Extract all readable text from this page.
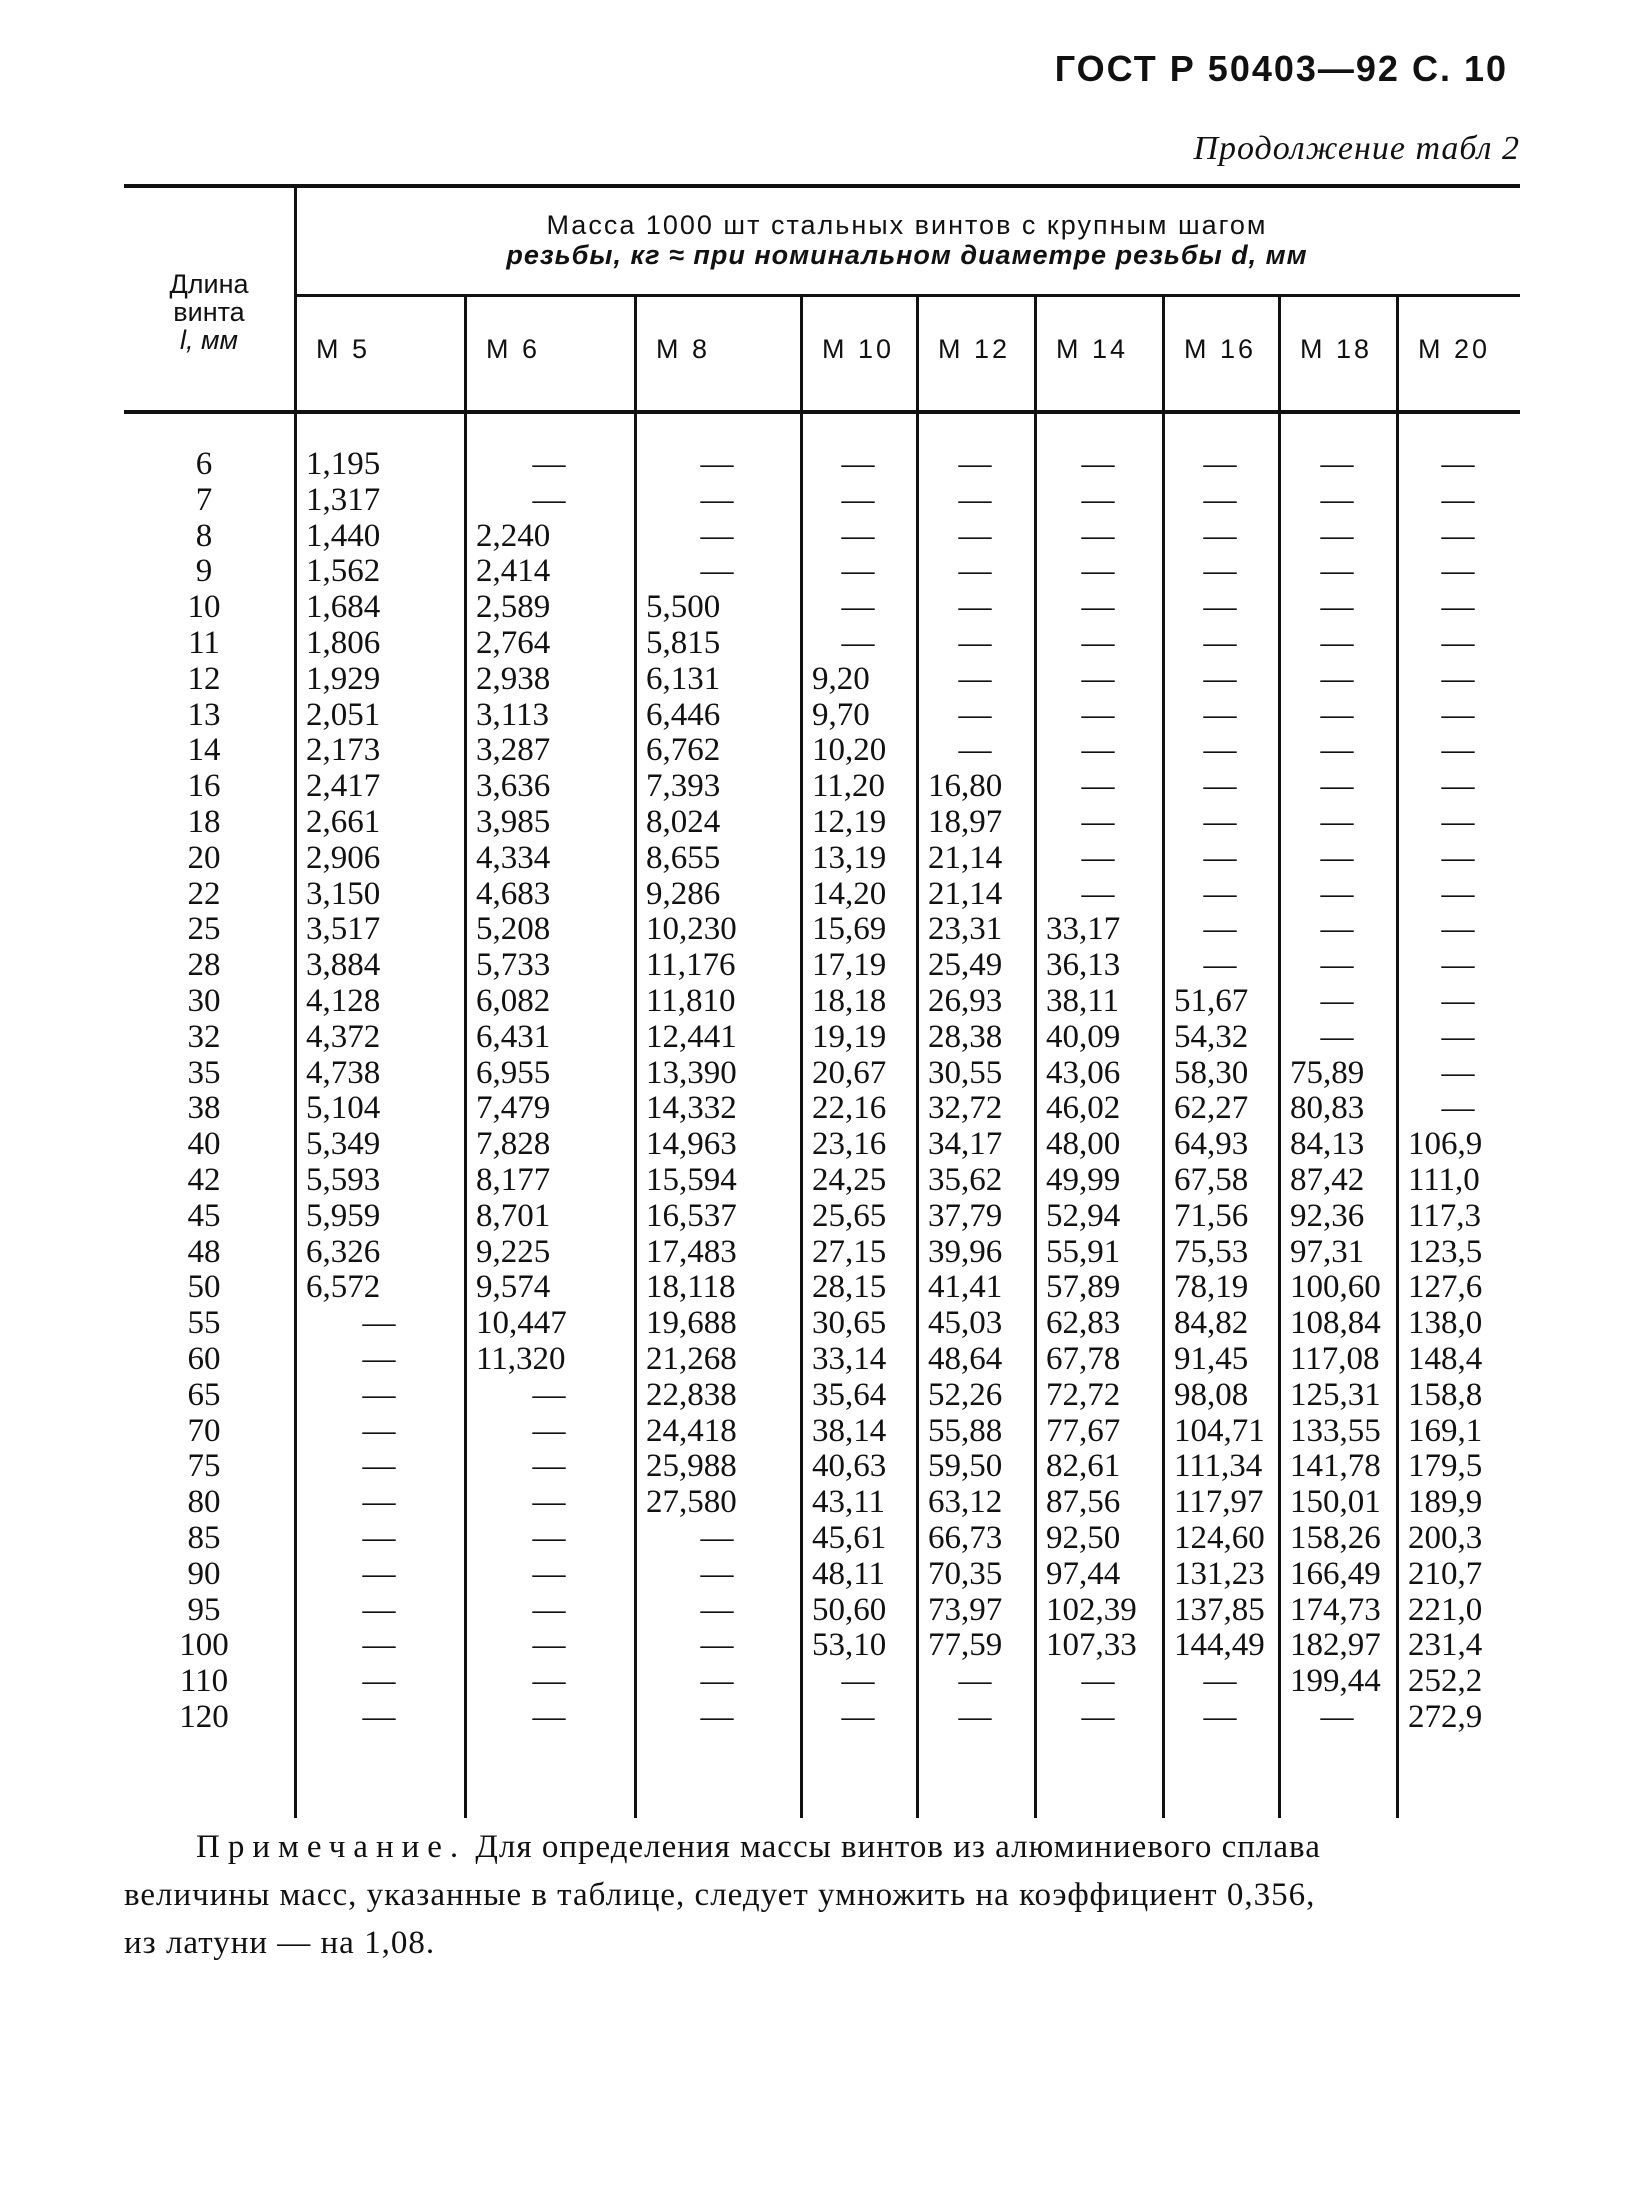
ГОСТ Р 50403—92 С. 10
Продолжение табл 2
Длина
винта
l, мм
Масса 1000 шт стальных винтов с крупным шагом
резьбы, кг ≈ при номинальном диаметре резьбы d, мм
М 5	М 6	М 8	М 10 М 12 М 14 М 16 М 18 М 20
6	1,195	—	—	—	—	—	—	—	—
7	1,317	—	—	—	—	—	—	—	—
8	1,440	2,240	—	—	—	—	—	—	—
9	1,562	2,414	—	—	—	—	—	—	—
10	1,684	2,589	5,500	—	—	—	—	—	—
11	1,806	2,764	5,815	—	—	—	—	—	—
12	1,929	2,938	6,131	9,20	—	—	—	—	—
13	2,051	3,113	6,446	9,70	—	—	—	—	—
14	2,173	3,287	6,762	10,20	—	—	—	—	—
16	2,417	3,636	7,393	11,20 16,80	—	—	—	—
18	2,661	3,985	8,024	12,19 18,97	—	—	—	—
20	2,906	4,334	8,655	13,19 21,14	—	—	—	—
22	3,150	4,683	9,286	14,20 21,14	—	—	—	—
25	3,517	5,208	10,230 15,69 23,31 33,17	—	—	—
28	3,884	5,733	11,176 17,19 25,49 36,13	—	—	—
30	4,128	6,082	11,810 18,18 26,93 38,11 51,67	—	—
32	4,372	6,431	12,441 19,19 28,38 40,09 54,32	—	—
35	4,738	6,955	13,390 20,67 30,55 43,06 58,30 75,89	—
38	5,104	7,479	14,332 22,16 32,72 46,02 62,27 80,83	—
40	5,349	7,828	14,963 23,16 34,17 48,00 64,93 84,13 106,9
42	5,593	8,177	15,594 24,25 35,62 49,99 67,58 87,42 111,0
45	5,959	8,701	16,537 25,65 37,79 52,94 71,56 92,36 117,3
48	6,326	9,225	17,483 27,15 39,96 55,91 75,53 97,31 123,5
50	6,572	9,574	18,118 28,15 41,41 57,89 78,19 100,60 127,6
55	—	10,447 19,688 30,65 45,03 62,83 84,82 108,84 138,0
60	—	11,320 21,268 33,14 48,64 67,78 91,45 117,08 148,4
65	—	—	22,838 35,64 52,26 72,72 98,08 125,31 158,8
70	—	—	24,418 38,14 55,88 77,67 104,71 133,55 169,1
75	—	—	25,988 40,63 59,50 82,61 111,34 141,78 179,5
80	—	—	27,580 43,11 63,12 87,56 117,97 150,01 189,9
85	—	—	—	45,61 66,73 92,50 124,60 158,26 200,3
90	—	—	—	48,11 70,35 97,44 131,23 166,49 210,7
95	—	—	—	50,60 73,97 102,39 137,85 174,73 221,0
100	—	—	—	53,10 77,59 107,33 144,49 182,97 231,4
110	—	—	—	—	—	—	—	199,44 252,2
120	—	—	—	—	—	—	—	—	272,9
Примечание. Для определения массы винтов из алюминиевого сплава
величины масс, указанные в таблице, следует умножить на коэффициент 0,356,
из латуни — на 1,08.
